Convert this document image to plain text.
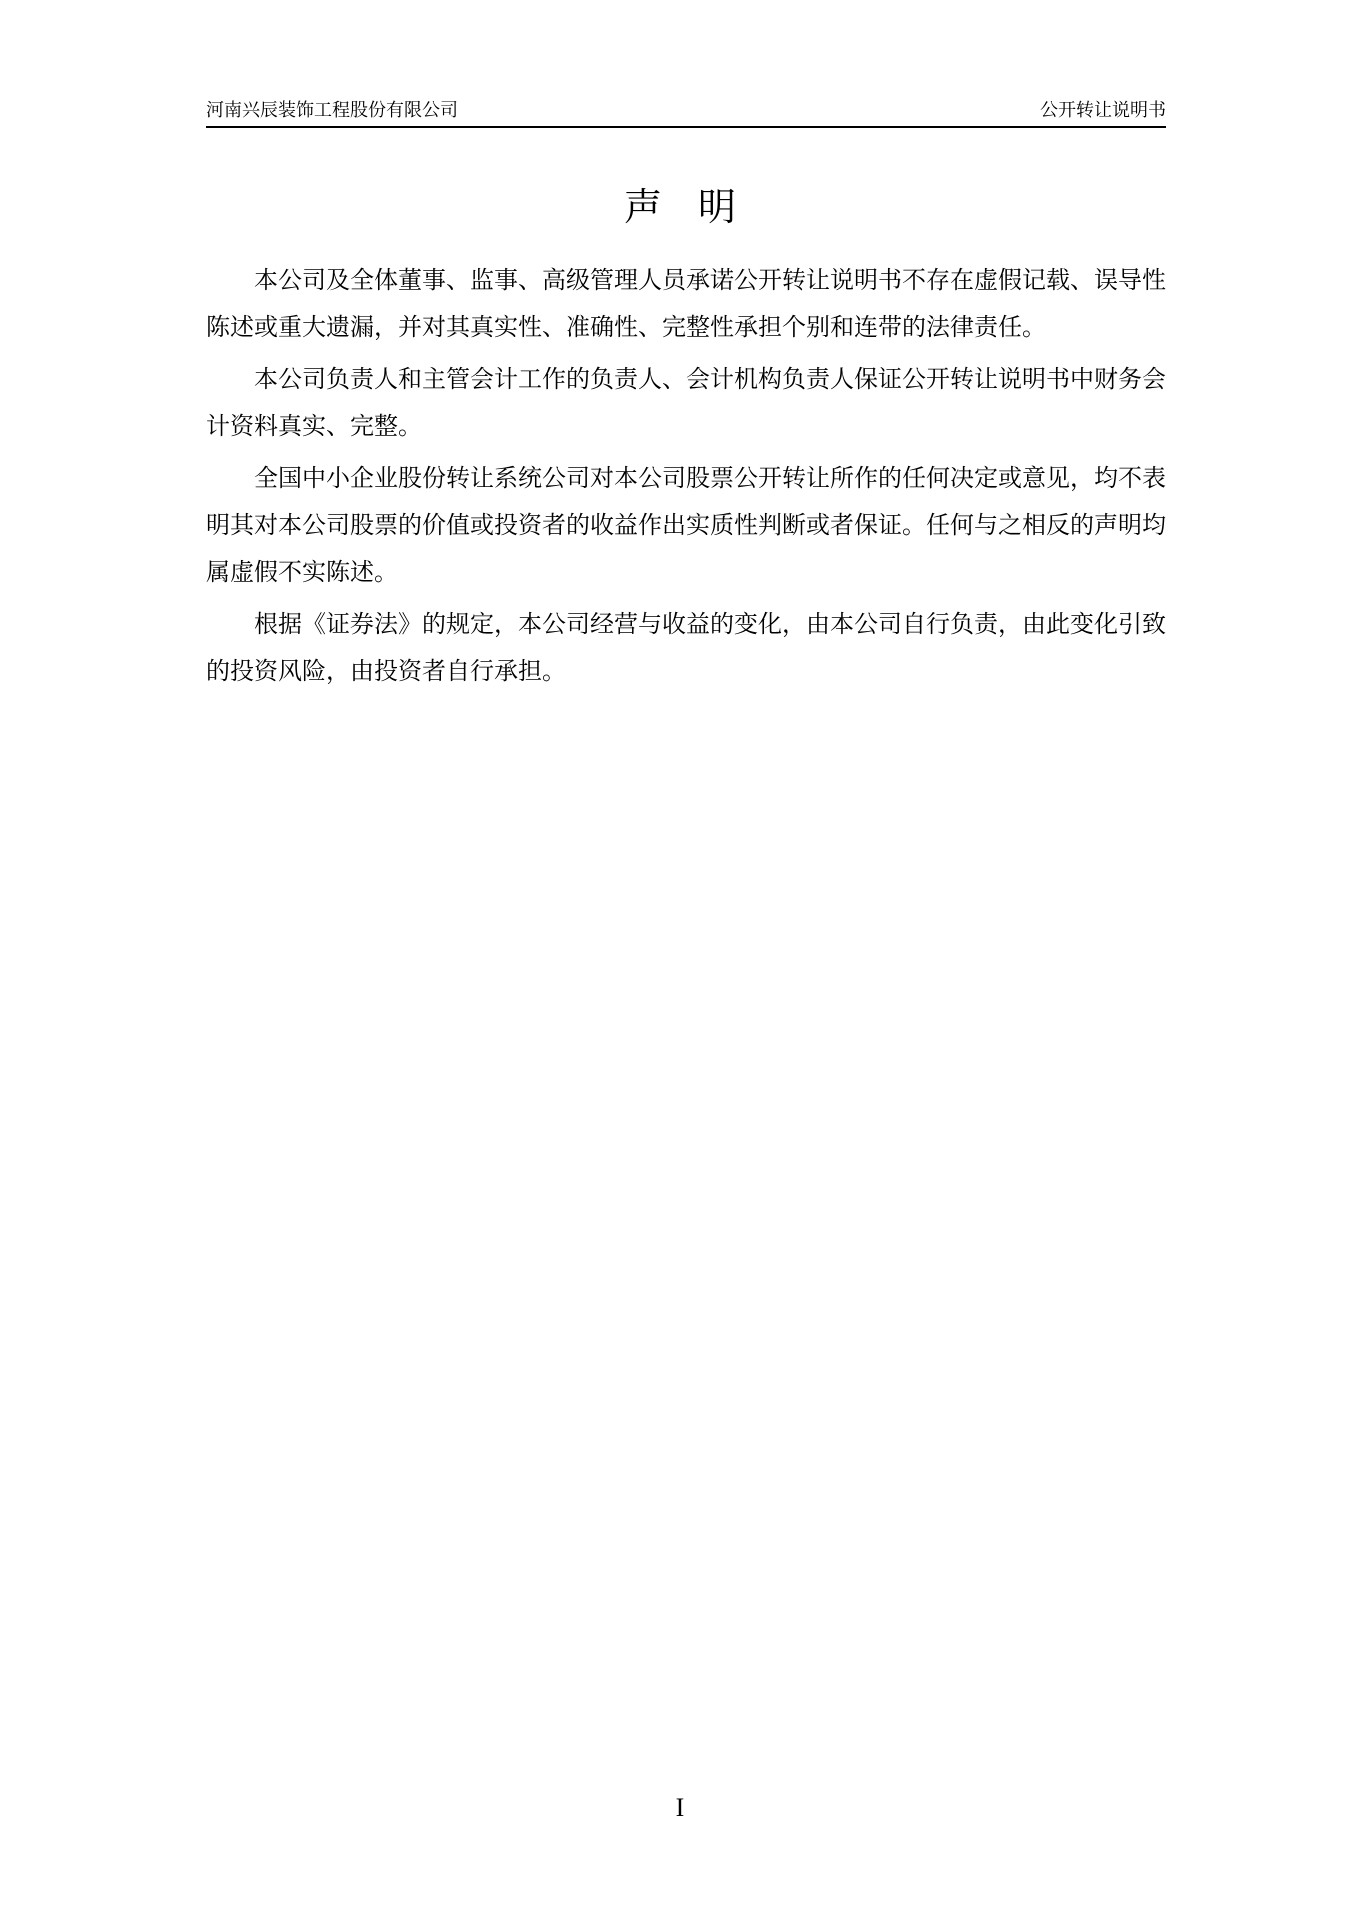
河南兴辰装饰工程股份有限公司	公开转让说明书
声明

本公司及全体董事、监事、高级管理人员承诺公开转让说明书不存在虚假记载、误导性陈述或重大遗漏，并对其真实性、准确性、完整性承担个别和连带的法律责任。

本公司负责人和主管会计工作的负责人、会计机构负责人保证公开转让说明书中财务会计资料真实、完整。

全国中小企业股份转让系统公司对本公司股票公开转让所作的任何决定或意见，均不表明其对本公司股票的价值或投资者的收益作出实质性判断或者保证。任何与之相反的声明均属虚假不实陈述。

根据《证券法》的规定，本公司经营与收益的变化，由本公司自行负责，由此变化引致的投资风险，由投资者自行承担。

I
